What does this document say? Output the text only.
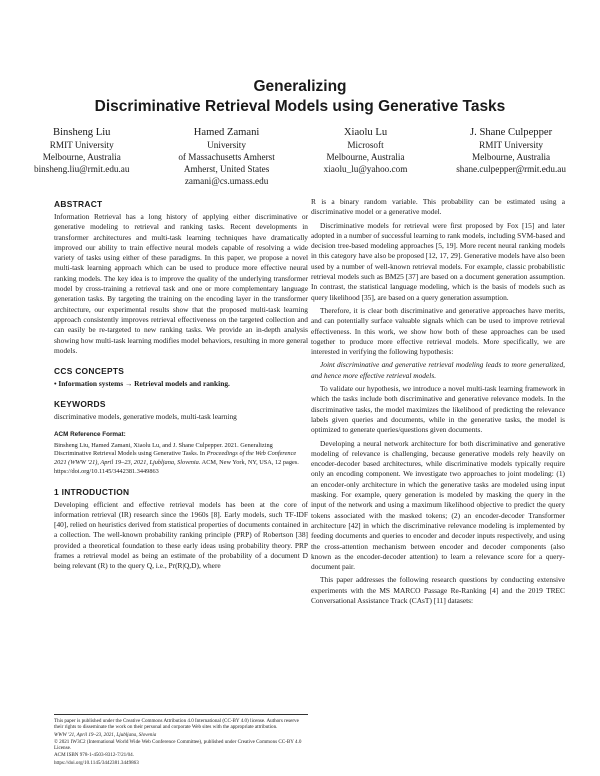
Generalizing
Discriminative Retrieval Models using Generative Tasks
Binsheng Liu
RMIT University
Melbourne, Australia
binsheng.liu@rmit.edu.au
Hamed Zamani
University
of Massachusetts Amherst
Amherst, United States
zamani@cs.umass.edu
Xiaolu Lu
Microsoft
Melbourne, Australia
xiaolu_lu@yahoo.com
J. Shane Culpepper
RMIT University
Melbourne, Australia
shane.culpepper@rmit.edu.au
ABSTRACT

Information Retrieval has a long history of applying either discriminative or generative modeling to retrieval and ranking tasks. Recent developments in transformer architectures and multi-task learning techniques have dramatically improved our ability to train effective neural models capable of resolving a wide variety of tasks using either of these paradigms. In this paper, we propose a novel multi-task learning approach which can be used to produce more effective neural ranking models. The key idea is to improve the quality of the underlying transformer model by cross-training a retrieval task and one or more complementary language generation tasks. By targeting the training on the encoding layer in the transformer architecture, our experimental results show that the proposed multi-task learning approach consistently improves retrieval effectiveness on the targeted collection and can easily be re-targeted to new ranking tasks. We provide an in-depth analysis showing how multi-task learning modifies model behaviors, resulting in more general models.

CCS CONCEPTS

• Information systems → Retrieval models and ranking.

KEYWORDS

discriminative models, generative models, multi-task learning

ACM Reference Format:

Binsheng Liu, Hamed Zamani, Xiaolu Lu, and J. Shane Culpepper. 2021. Generalizing Discriminative Retrieval Models using Generative Tasks. In Proceedings of the Web Conference 2021 (WWW '21), April 19–23, 2021, Ljubljana, Slovenia. ACM, New York, NY, USA, 12 pages. https://doi.org/10.1145/3442381.3449863

1 INTRODUCTION

Developing efficient and effective retrieval models has been at the core of information retrieval (IR) research since the 1960s [8]. Early models, such TF-IDF [40], relied on heuristics derived from statistical properties of documents contained in a collection. The well-known probability ranking principle (PRP) of Robertson [38] provided a theoretical foundation to these early ideas using probability theory. PRP frames a retrieval model as being an estimate of the probability of a document D being relevant (R) to the query Q, i.e., Pr(R|Q,D), where

This paper is published under the Creative Commons Attribution 4.0 International (CC-BY 4.0) license. Authors reserve their rights to disseminate the work on their personal and corporate Web sites with the appropriate attribution.

WWW '21, April 19–23, 2021, Ljubljana, Slovenia

© 2021 IW3C2 (International World Wide Web Conference Committee), published under Creative Commons CC-BY 4.0 License.

ACM ISBN 978-1-4503-8312-7/21/04.

https://doi.org/10.1145/3442381.3449863

R is a binary random variable. This probability can be estimated using a discriminative model or a generative model.

Discriminative models for retrieval were first proposed by Fox [15] and later adopted in a number of successful learning to rank models, including SVM-based and decision tree-based modeling approaches [5, 19]. More recent neural ranking models in this category have also be proposed [12, 17, 29]. Generative models have also been used by a number of well-known retrieval models. For example, classic probabilistic retrieval models such as BM25 [37] are based on a document generation assumption. In contrast, the statistical language modeling, which is the basis of models such as query likelihood [35], are based on a query generation assumption.

Therefore, it is clear both discriminative and generative approaches have merits, and can potentially surface valuable signals which can be used to improve retrieval effectiveness. In this work, we show how both of these approaches can be used together to produce more effective retrieval models. More specifically, we are interested in verifying the following hypothesis:

Joint discriminative and generative retrieval modeling leads to more generalized, and hence more effective retrieval models.

To validate our hypothesis, we introduce a novel multi-task learning framework in which the tasks include both discriminative and generative relevance models. In the discriminative tasks, the model maximizes the likelihood of predicting the relevance labels given queries and documents, while in the generative tasks, the model is optimized to generate queries/questions given documents.

Developing a neural network architecture for both discriminative and generative modeling of relevance is challenging, because generative models rely heavily on encoder-decoder based architectures, while discriminative models typically require only an encoding component. We investigate two approaches to joint modeling: (1) an encoder-only architecture in which the generative tasks are modeled using input masking. For example, query generation is modeled by masking the query in the input of the network and using a maximum likelihood objective to predict the query tokens associated with the masked tokens; (2) an encoder-decoder Transformer architecture [42] in which the discriminative relevance modeling is implemented by feeding documents and queries to encoder and decoder inputs respectively, and using the cross-attention mechanism between encoder and decoder components (also known as the encoder-decoder attention) to learn a relevance score for a query-document pair.

This paper addresses the following research questions by conducting extensive experiments with the MS MARCO Passage Re-Ranking [4] and the 2019 TREC Conversational Assistance Track (CAsT) [11] datasets:
